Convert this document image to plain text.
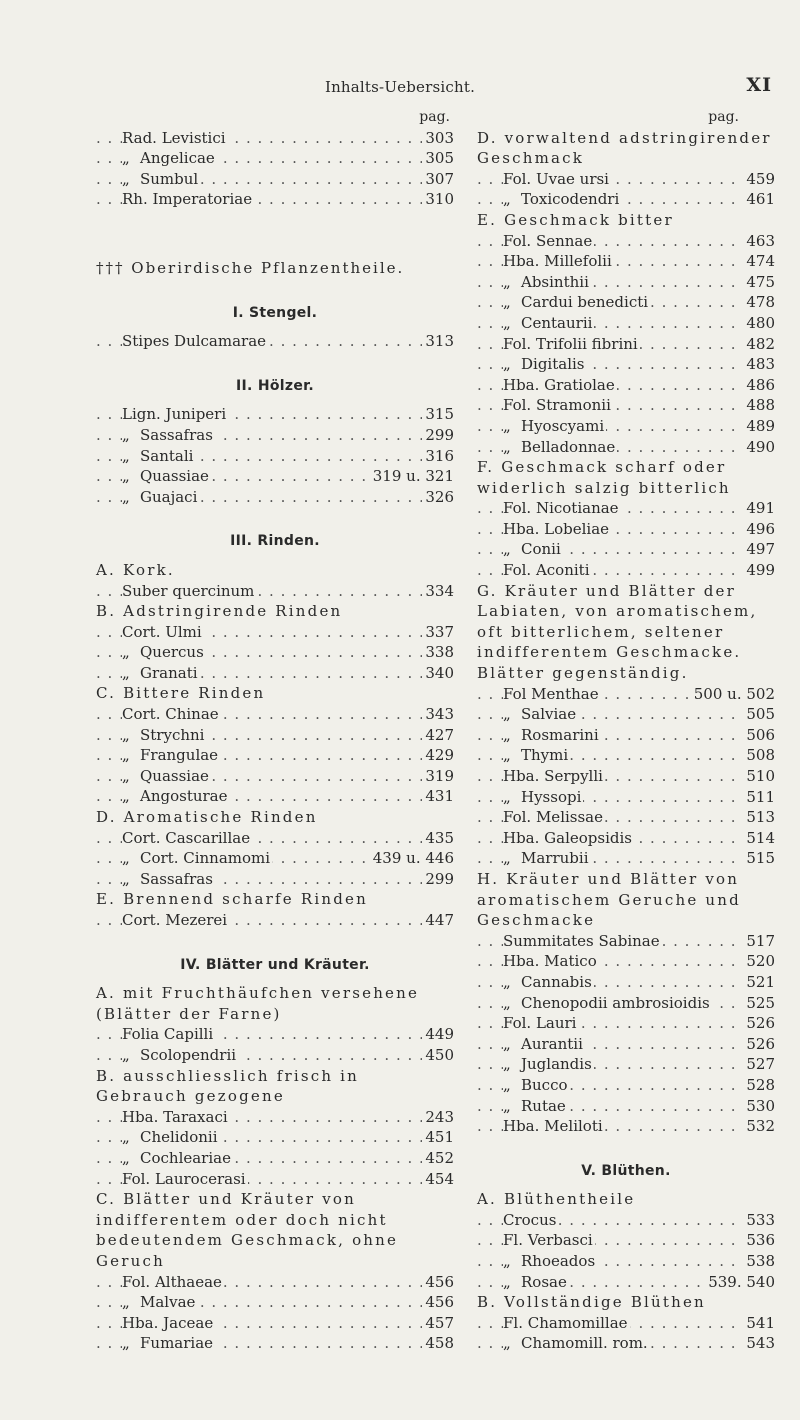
Inhalts-Uebersicht.	XI
pag.
Rad. Levistici	303
. . .
„ Angelicae	305
. . .
„ Sumbul	307
. . .
Rh. Imperatoriae	310
. . .
††† Oberirdische Pflanzentheile.
I. Stengel.
Stipes Dulcamarae	313
. . .
II. Hölzer.
Lign. Juniperi	315
. . .
„ Sassafras	299
. . .
„ Santali	316
. . .
„ Quassiae	319 u. 321
. . .
„ Guajaci	326
. . .
III. Rinden.
A. Kork.
Suber quercinum	334
. . .
B. Adstringirende Rinden
Cort. Ulmi	337
. . .
„ Quercus	338
. . .
„ Granati	340
. . .
C. Bittere Rinden
Cort. Chinae	343
. . .
„ Strychni	427
. . .
„ Frangulae	429
. . .
„ Quassiae	319
. . .
„ Angosturae	431
. . .
D. Aromatische Rinden
Cort. Cascarillae	435
. . .
„ Cort. Cinnamomi	439 u. 446
. . .
„ Sassafras	299
. . .
E. Brennend scharfe Rinden
Cort. Mezerei	447
. . .
IV. Blätter und Kräuter.
A. mit Fruchthäufchen versehene (Blätter der Farne)
Folia Capilli	449
. . .
„ Scolopendrii	450
. . .
B. ausschliesslich frisch in Gebrauch gezogene
Hba. Taraxaci	243
. . .
„ Chelidonii	451
. . .
„ Cochleariae	452
. . .
Fol. Laurocerasi	454
. . .
C. Blätter und Kräuter von indifferentem oder doch nicht bedeutendem Geschmack, ohne Geruch
Fol. Althaeae	456
. . .
„ Malvae	456
. . .
Hba. Jaceae	457
. . .
„ Fumariae	458
. . .
pag.
D. vorwaltend adstringirender Geschmack
Fol. Uvae ursi	459
. . .
„ Toxicodendri	461
. . .
E. Geschmack bitter
Fol. Sennae	463
. . .
Hba. Millefolii	474
. . .
„ Absinthii	475
. . .
„ Cardui benedicti	478
. . .
„ Centaurii	480
. . .
Fol. Trifolii fibrini	482
. . .
„ Digitalis	483
. . .
Hba. Gratiolae	486
. . .
Fol. Stramonii	488
. . .
„ Hyoscyami	489
. . .
„ Belladonnae	490
. . .
F. Geschmack scharf oder widerlich salzig bitterlich
Fol. Nicotianae	491
. . .
Hba. Lobeliae	496
. . .
„ Conii	497
. . .
Fol. Aconiti	499
. . .
G. Kräuter und Blätter der Labiaten, von aromatischem, oft bitterlichem, seltener indifferentem Geschmacke. Blätter gegenständig.
Fol Menthae	500 u. 502
. . .
„ Salviae	505
. . .
„ Rosmarini	506
. . .
„ Thymi	508
. . .
Hba. Serpylli	510
. . .
„ Hyssopi	511
. . .
Fol. Melissae	513
. . .
Hba. Galeopsidis	514
. . .
„ Marrubii	515
. . .
H. Kräuter und Blätter von aromatischem Geruche und Geschmacke
Summitates Sabinae	517
. . .
Hba. Matico	520
. . .
„ Cannabis	521
. . .
„ Chenopodii ambrosioidis 525
. . .
Fol. Lauri	526
. . .
„ Aurantii	526
. . .
„ Juglandis	527
. . .
„ Bucco	528
. . .
„ Rutae	530
. . .
Hba. Meliloti	532
. . .
V. Blüthen.
A. Blüthentheile
Crocus	533
. . .
Fl. Verbasci	536
. . .
„ Rhoeados	538
. . .
„ Rosae	539. 540
. . .
B. Vollständige Blüthen
Fl. Chamomillae	541
. . .
„ Chamomill. rom.	543
. . .
